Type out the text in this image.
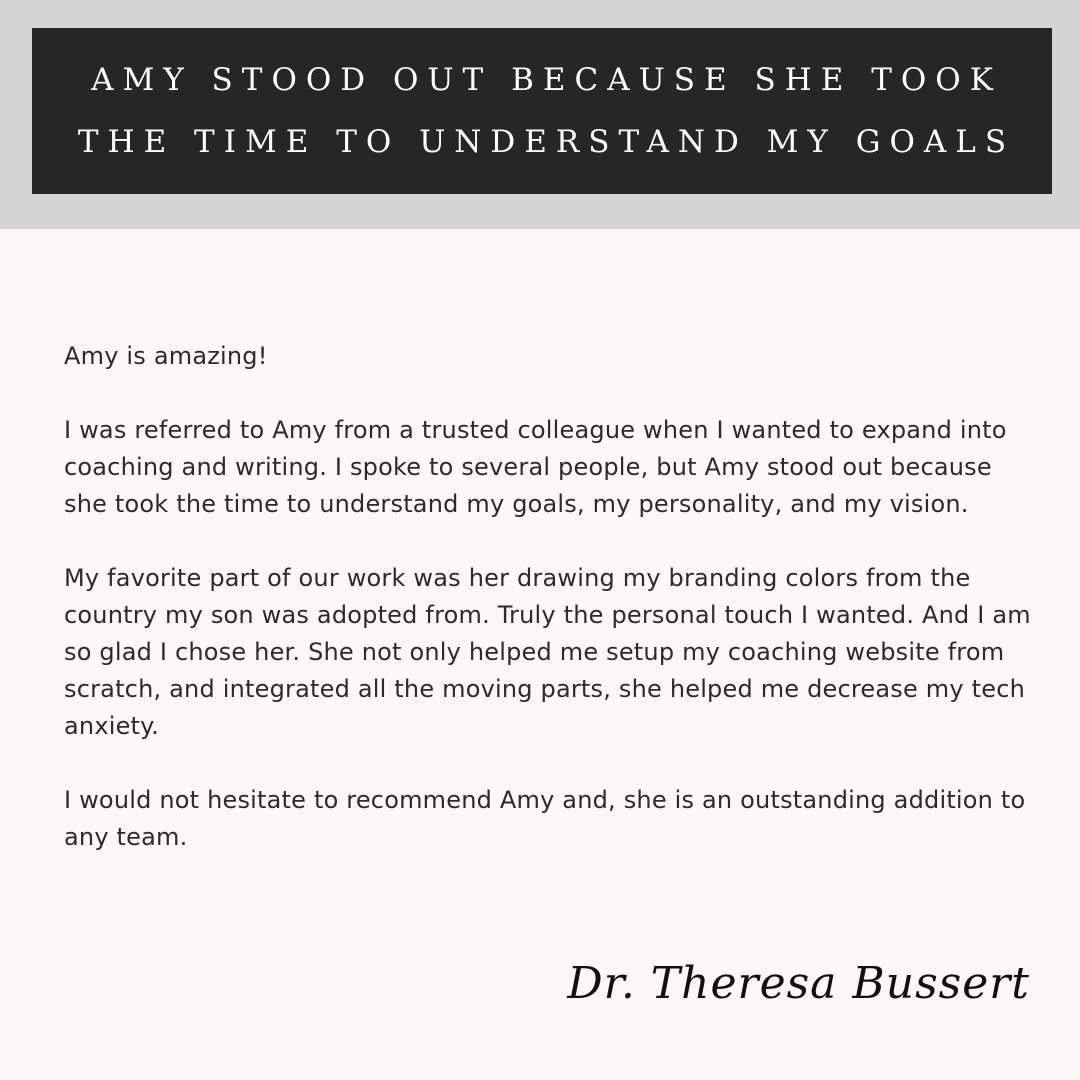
AMY STOOD OUT BECAUSE SHE TOOK
THE TIME TO UNDERSTAND MY GOALS

Amy is amazing!

I was referred to Amy from a trusted colleague when I wanted to expand into coaching and writing. I spoke to several people, but Amy stood out because she took the time to understand my goals, my personality, and my vision.

My favorite part of our work was her drawing my branding colors from the country my son was adopted from. Truly the personal touch I wanted. And I am so glad I chose her. She not only helped me setup my coaching website from scratch, and integrated all the moving parts, she helped me decrease my tech anxiety.

I would not hesitate to recommend Amy and, she is an outstanding addition to any team.

Dr. Theresa Bussert
